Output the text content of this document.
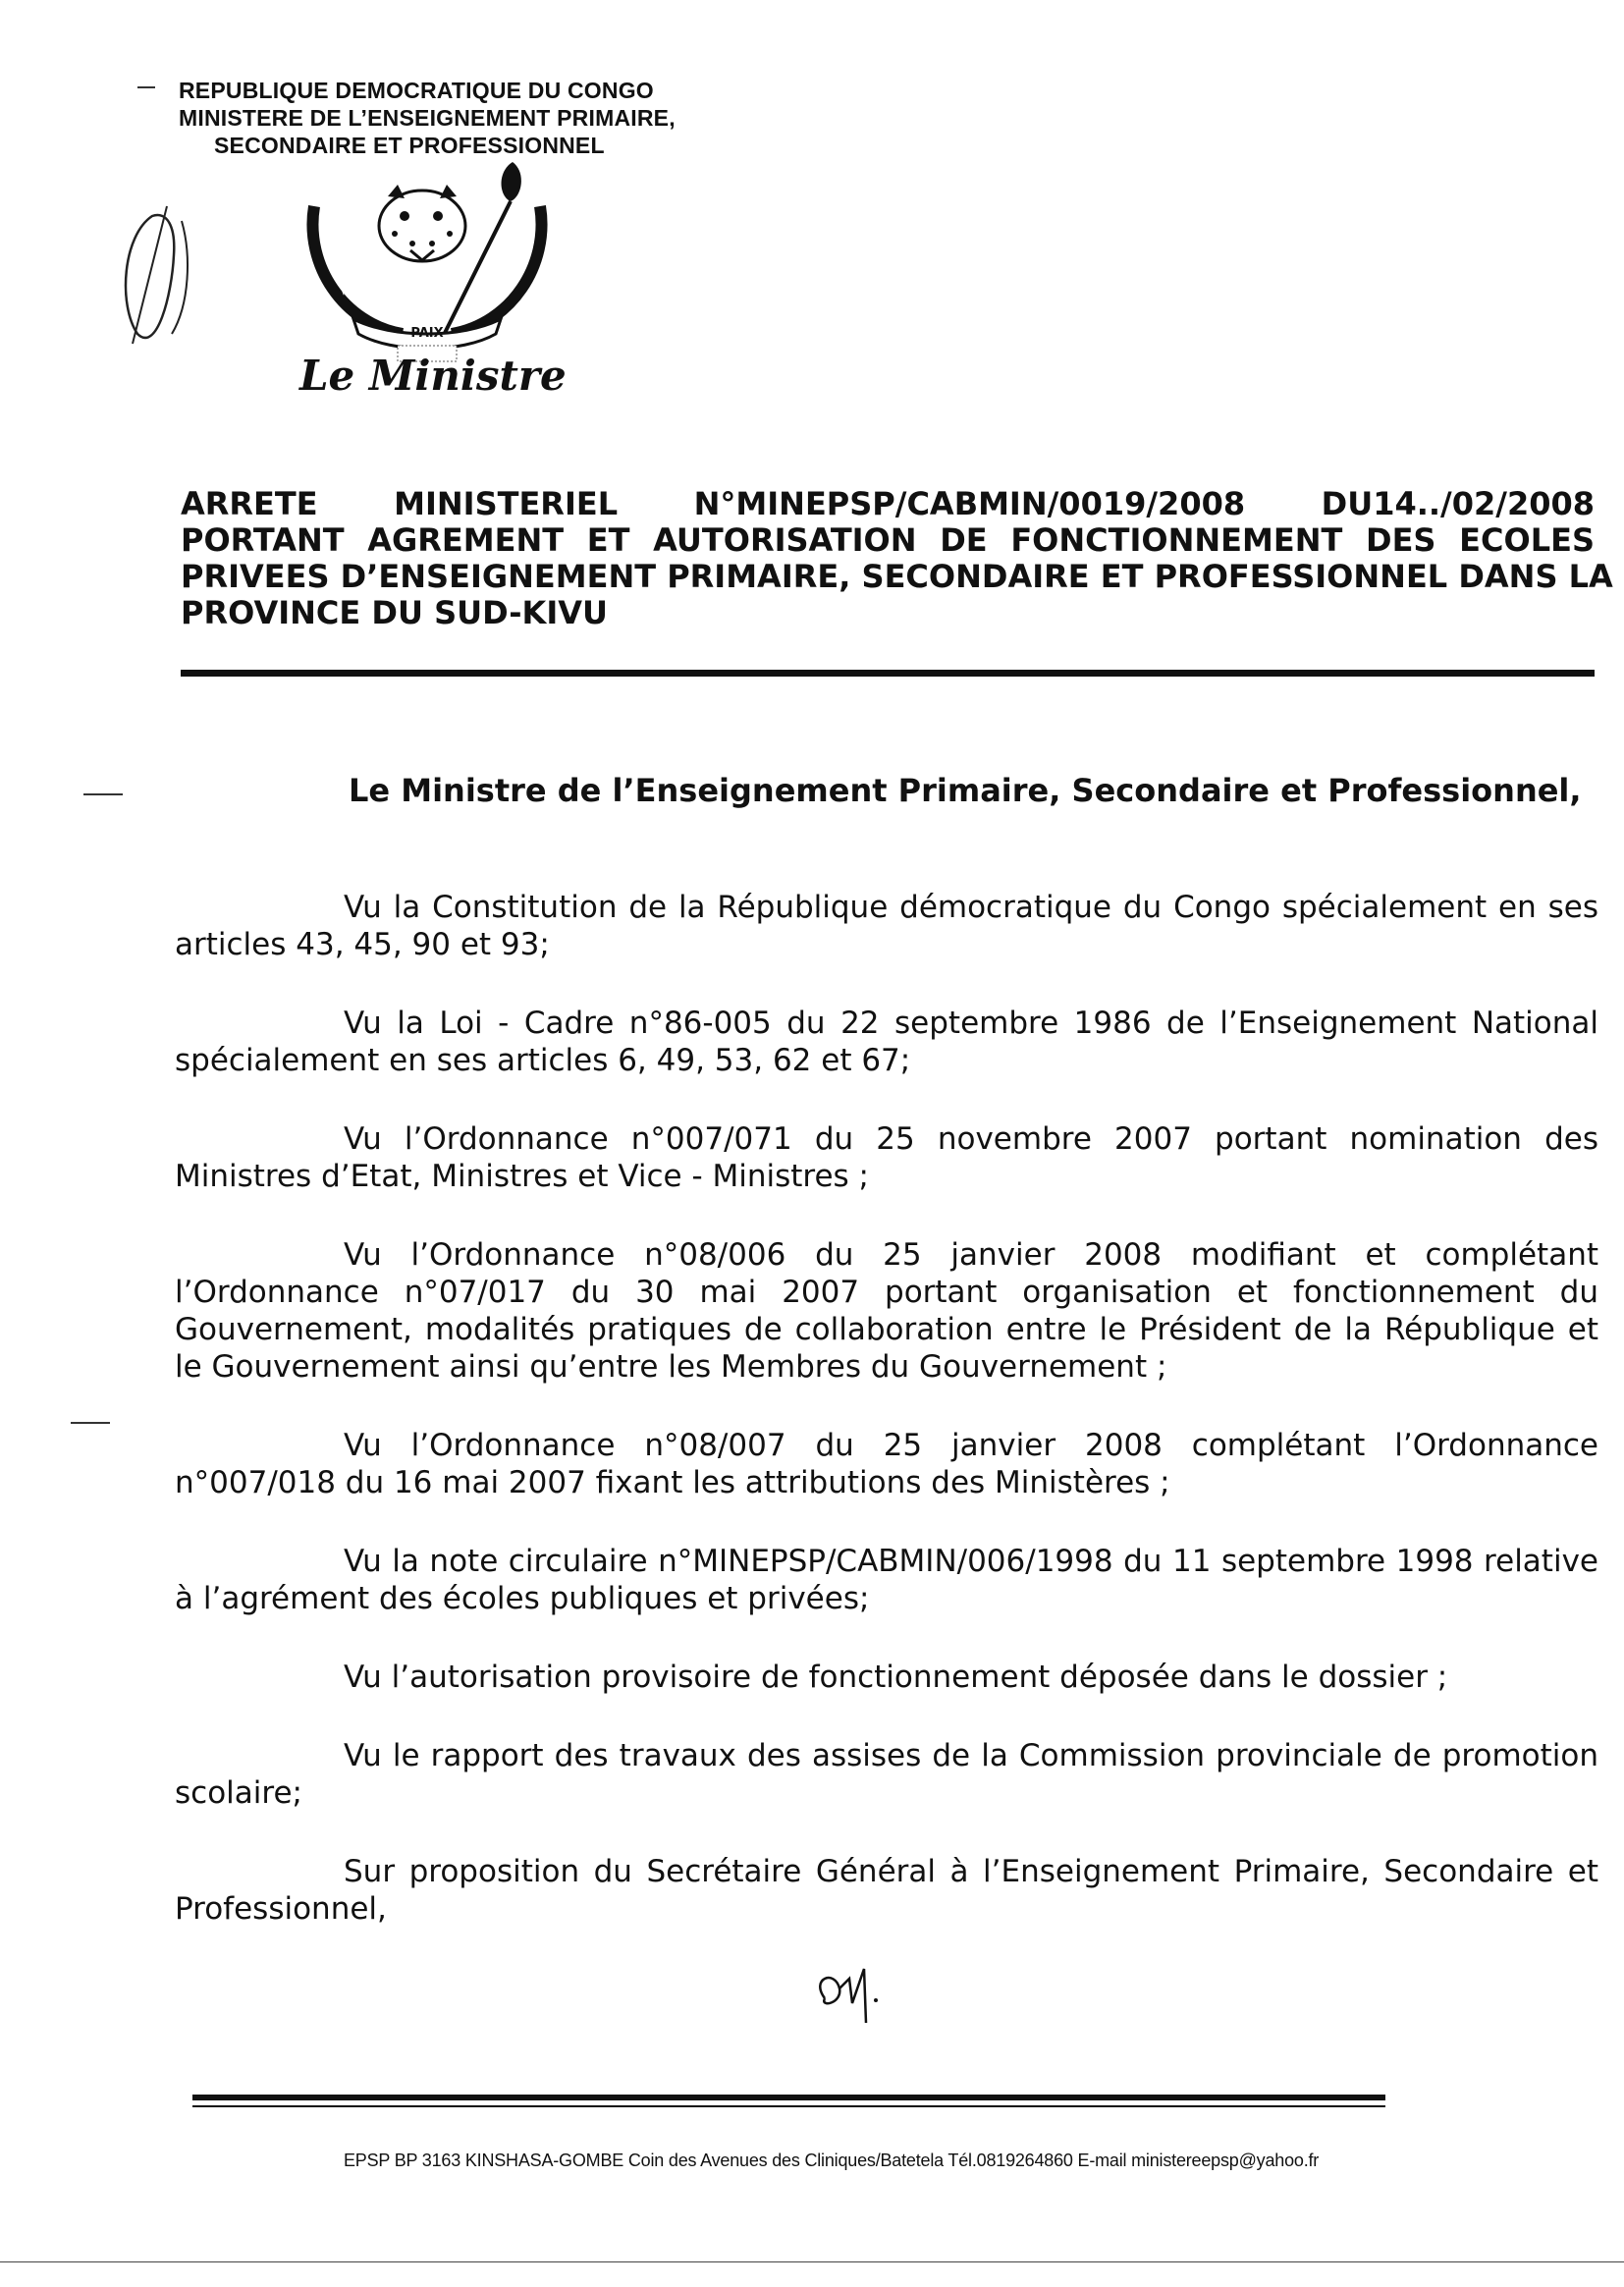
REPUBLIQUE DEMOCRATIQUE DU CONGO
MINISTERE DE L’ENSEIGNEMENT PRIMAIRE,
SECONDAIRE ET PROFESSIONNEL
PAIX
JUSTICE
TRAVAIL
Le Ministre
ARRETE MINISTERIEL N°MINEPSP/CABMIN/0019/2008 DU14../02/2008
PORTANT AGREMENT ET AUTORISATION DE FONCTIONNEMENT DES ECOLES
PRIVEES D’ENSEIGNEMENT PRIMAIRE, SECONDAIRE ET PROFESSIONNEL DANS LA
PROVINCE DU SUD-KIVU
Le Ministre de l’Enseignement Primaire, Secondaire et Professionnel,

Vu la Constitution de la République démocratique du Congo spécialement en ses articles 43, 45, 90 et 93;

Vu la Loi - Cadre n°86-005 du 22 septembre 1986 de l’Enseignement National spécialement en ses articles 6, 49, 53, 62 et 67;

Vu l’Ordonnance n°007/071 du 25 novembre 2007 portant nomination des Ministres d’Etat, Ministres et Vice - Ministres ;

Vu l’Ordonnance n°08/006 du 25 janvier 2008 modifiant et complétant l’Ordonnance n°07/017 du 30 mai 2007 portant organisation et fonctionnement du Gouvernement, modalités pratiques de collaboration entre le Président de la République et le Gouvernement ainsi qu’entre les Membres du Gouvernement ;

Vu l’Ordonnance n°08/007 du 25 janvier 2008 complétant l’Ordonnance n°007/018 du 16 mai 2007 fixant les attributions des Ministères ;

Vu la note circulaire n°MINEPSP/CABMIN/006/1998 du 11 septembre 1998 relative à l’agrément des écoles publiques et privées;

Vu l’autorisation provisoire de fonctionnement déposée dans le dossier ;

Vu le rapport des travaux des assises de la Commission provinciale de promotion scolaire;

Sur proposition du Secrétaire Général à l’Enseignement Primaire, Secondaire et Professionnel,

EPSP BP 3163 KINSHASA-GOMBE Coin des Avenues des Cliniques/Batetela Tél.0819264860 E-mail ministereepsp@yahoo.fr
